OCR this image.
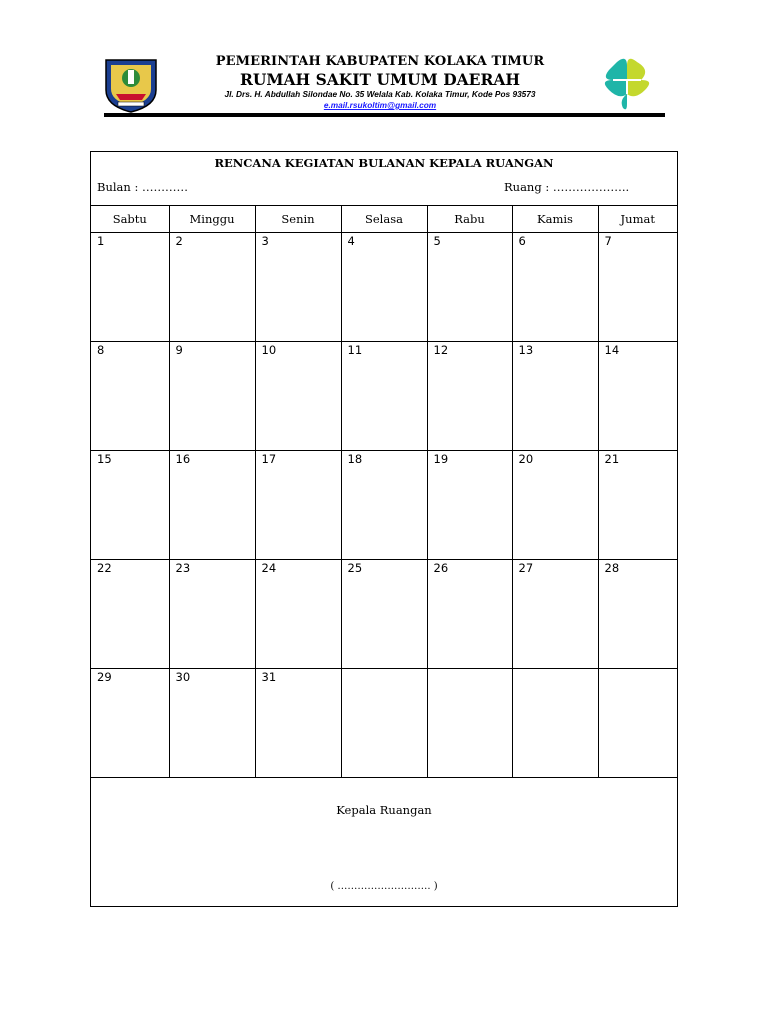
PEMERINTAH KABUPATEN KOLAKA TIMUR
RUMAH SAKIT UMUM DAERAH
Jl. Drs. H. Abdullah Silondae No. 35 Welala Kab. Kolaka Timur, Kode Pos 93573
e.mail.rsukoltim@gmail.com
RENCANA KEGIATAN BULANAN KEPALA RUANGAN
Bulan : …………	Ruang : ………………..
Sabtu	Minggu	Senin	Selasa	Rabu	Kamis	Jumat

1	2	3	4	5	6	7

8	9	10	11	12	13	14

15	16	17	18	19	20	21

22	23	24	25	26	27	28

29	30	31				

Kepala Ruangan
( ………………………. )
